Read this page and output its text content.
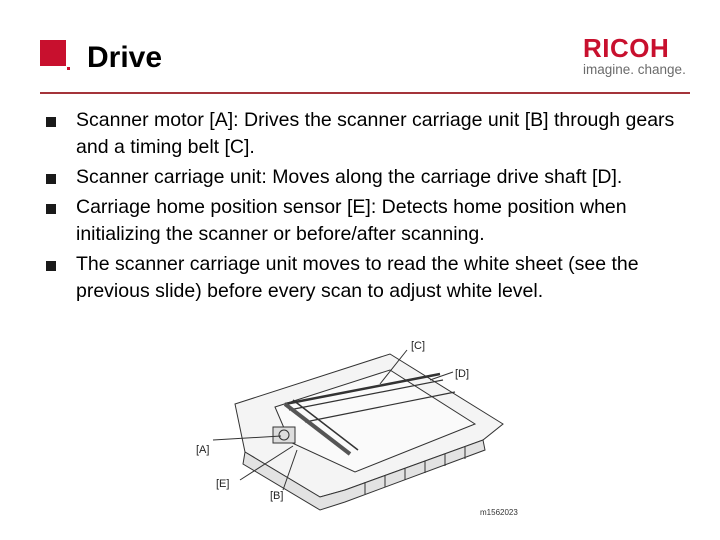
Drive	RICOH
imagine. change.
Scanner motor [A]: Drives the scanner carriage unit [B] through gears and a timing belt [C].
Scanner carriage unit: Moves along the carriage drive shaft [D].
Carriage home position sensor [E]: Detects home position when initializing the scanner or before/after scanning.
The scanner carriage unit moves to read the white sheet (see the previous slide) before every scan to adjust white level.
[C]
[D]
[A]
[E]
[B]
m1562023
